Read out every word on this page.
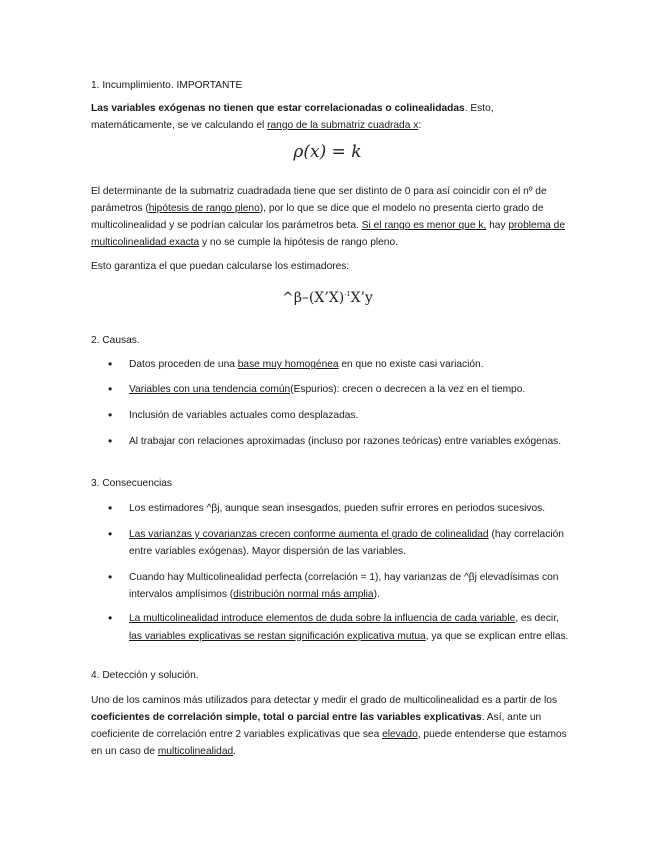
1. Incumplimiento. IMPORTANTE

Las variables exógenas no tienen que estar correlacionadas o colinealidadas. Esto, matemáticamente, se ve calculando el rango de la submatriz cuadrada x:

ρ(x) = k

El determinante de la submatriz cuadradada tiene que ser distinto de 0 para así coincidir con el nº de parámetros (hipótesis de rango pleno), por lo que se dice que el modelo no presenta cierto grado de multicolinealidad y se podrían calcular los parámetros beta. Si el rango es menor que k, hay problema de multicolinealidad exacta y no se cumple la hipótesis de rango pleno.

Esto garantiza el que puedan calcularse los estimadores:

^β–(X’X)$^{-1}$X’y

2. Causas.

• Datos proceden de una base muy homogénea en que no existe casi variación.

• Variables con una tendencia común(Espurios): crecen o decrecen a la vez en el tiempo.

• Inclusión de variables actuales como desplazadas.

• Al trabajar con relaciones aproximadas (incluso por razones teóricas) entre variables exógenas.

3. Consecuencias

• Los estimadores ^βj, aunque sean insesgados, pueden sufrir errores en periodos sucesivos.

• Las varianzas y covarianzas crecen conforme aumenta el grado de colinealidad (hay correlación entre variables exógenas). Mayor dispersión de las variables.

• Cuando hay Multicolinealidad perfecta (correlación = 1), hay varianzas de ^βj elevadísimas con intervalos amplísimos (distribución normal más amplia).

• La multicolinealidad introduce elementos de duda sobre la influencia de cada variable, es decir, las variables explicativas se restan significación explicativa mutua, ya que se explican entre ellas.

4. Detección y solución.

Uno de los caminos más utilizados para detectar y medir el grado de multicolinealidad es a partir de los coeficientes de correlación simple, total o parcial entre las variables explicativas. Así, ante un coeficiente de correlación entre 2 variables explicativas que sea elevado, puede entenderse que estamos en un caso de multicolinealidad.
